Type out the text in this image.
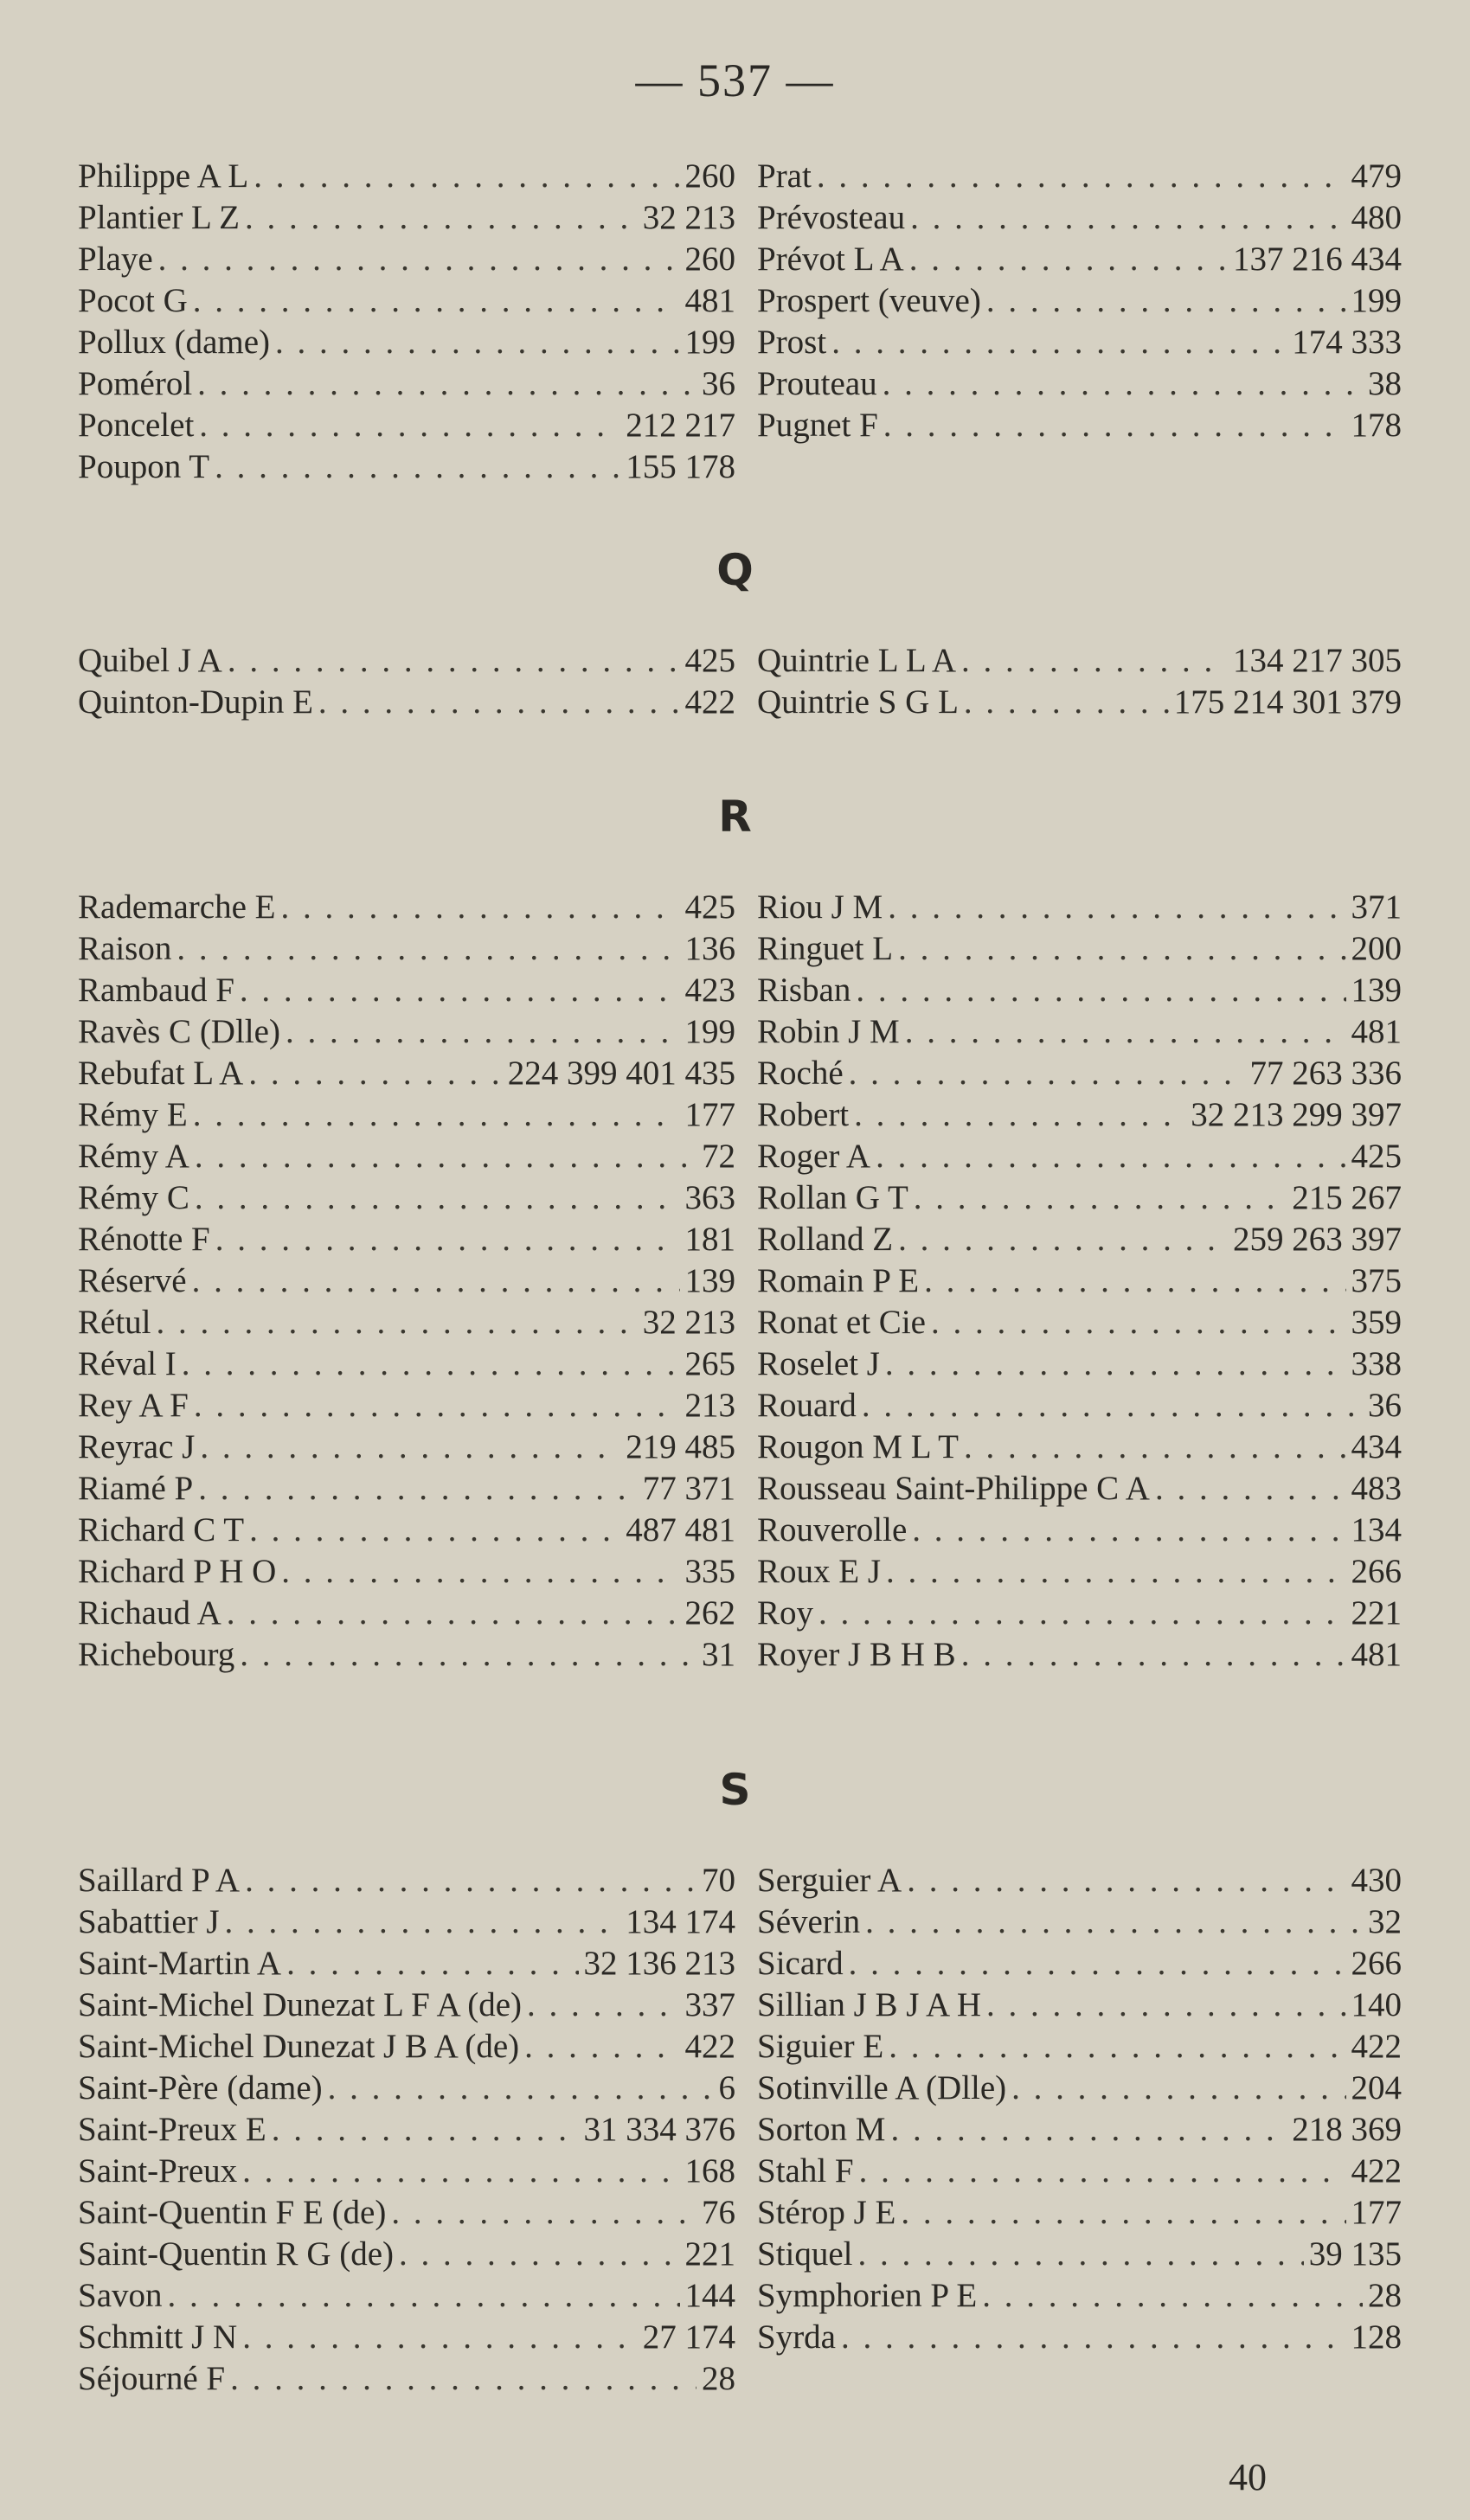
— 537 —
Philippe A L . . .	260
Plantier L Z . . .	32 213
Playe . . .	260
Pocot G . . .	481
Pollux (dame) . . .	199
Pomérol . . .	36
Poncelet . . .	212 217
Poupon T . . .	155 178
Prat . . .	479
Prévosteau . . .	480
Prévot L A . . .	137 216 434
Prospert (veuve) . . .	199
Prost . . .	174 333
Prouteau . . .	38
Pugnet F . . .	178
Q
Quibel J A . . .	425
Quinton-Dupin E . . .	422
Quintrie L L A . . .	134 217 305
Quintrie S G L . . .	175 214 301 379
R
Rademarche E . . .	425
Raison . . .	136
Rambaud F . . .	423
Ravès C (Dlle) . . .	199
Rebufat L A . . .	224 399 401 435
Rémy E . . .	177
Rémy A . . .	72
Rémy C . . .	363
Rénotte F . . .	181
Réservé . . .	139
Rétul . . .	32 213
Réval I . . .	265
Rey A F . . .	213
Reyrac J . . .	219 485
Riamé P . . .	77 371
Richard C T . . .	487 481
Richard P H O . . .	335
Richaud A . . .	262
Richebourg . . .	31
Riou J M . . .	371
Ringuet L . . .	200
Risban . . .	139
Robin J M . . .	481
Roché . . .	77 263 336
Robert . . .	32 213 299 397
Roger A . . .	425
Rollan G T . . .	215 267
Rolland Z . . .	259 263 397
Romain P E . . .	375
Ronat et Cie . . .	359
Roselet J . . .	338
Rouard . . .	36
Rougon M L T . . .	434
Rousseau Saint-Philippe C A . . .	483
Rouverolle . . .	134
Roux E J . . .	266
Roy . . .	221
Royer J B H B . . .	481
S
Saillard P A . . .	70
Sabattier J . . .	134 174
Saint-Martin A . . .	32 136 213
Saint-Michel Dunezat L F A (de) . . .	337
Saint-Michel Dunezat J B A (de) . . .	422
Saint-Père (dame) . . .	6
Saint-Preux E . . .	31 334 376
Saint-Preux . . .	168
Saint-Quentin F E (de) . . .	76
Saint-Quentin R G (de) . . .	221
Savon . . .	144
Schmitt J N . . .	27 174
Séjourné F . . .	28
Serguier A . . .	430
Séverin . . .	32
Sicard . . .	266
Sillian J B J A H . . .	140
Siguier E . . .	422
Sotinville A (Dlle) . . .	204
Sorton M . . .	218 369
Stahl F . . .	422
Stérop J E . . .	177
Stiquel . . .	39 135
Symphorien P E . . .	28
Syrda . . .	128
40
